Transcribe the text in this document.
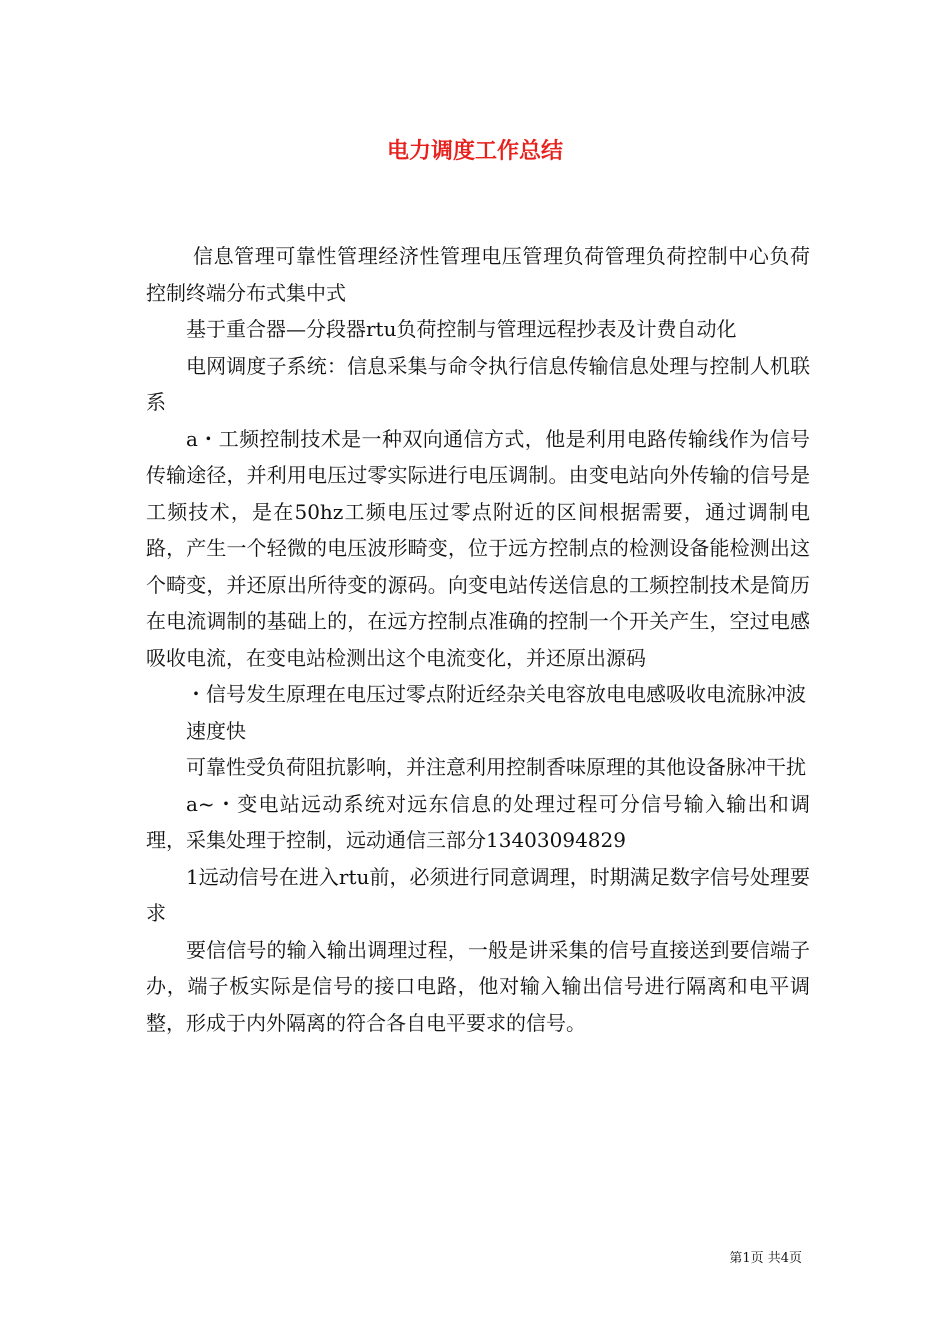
电力调度工作总结

信息管理可靠性管理经济性管理电压管理负荷管理负荷控制中心负荷控制终端分布式集中式

基于重合器—分段器rtu负荷控制与管理远程抄表及计费自动化

电网调度子系统：信息采集与命令执行信息传输信息处理与控制人机联系

a・工频控制技术是一种双向通信方式，他是利用电路传输线作为信号传输途径，并利用电压过零实际进行电压调制。由变电站向外传输的信号是工频技术，是在50hz工频电压过零点附近的区间根据需要，通过调制电路，产生一个轻微的电压波形畸变，位于远方控制点的检测设备能检测出这个畸变，并还原出所待变的源码。向变电站传送信息的工频控制技术是简历在电流调制的基础上的，在远方控制点准确的控制一个开关产生，空过电感吸收电流，在变电站检测出这个电流变化，并还原出源码

・信号发生原理在电压过零点附近经杂关电容放电电感吸收电流脉冲波

速度快

可靠性受负荷阻抗影响，并注意利用控制香味原理的其他设备脉冲干扰

a~・变电站远动系统对远东信息的处理过程可分信号输入输出和调理，采集处理于控制，远动通信三部分13403094829

1远动信号在进入rtu前，必须进行同意调理，时期满足数字信号处理要求

要信信号的输入输出调理过程，一般是讲采集的信号直接送到要信端子办，端子板实际是信号的接口电路，他对输入输出信号进行隔离和电平调整，形成于内外隔离的符合各自电平要求的信号。

第1页 共4页
